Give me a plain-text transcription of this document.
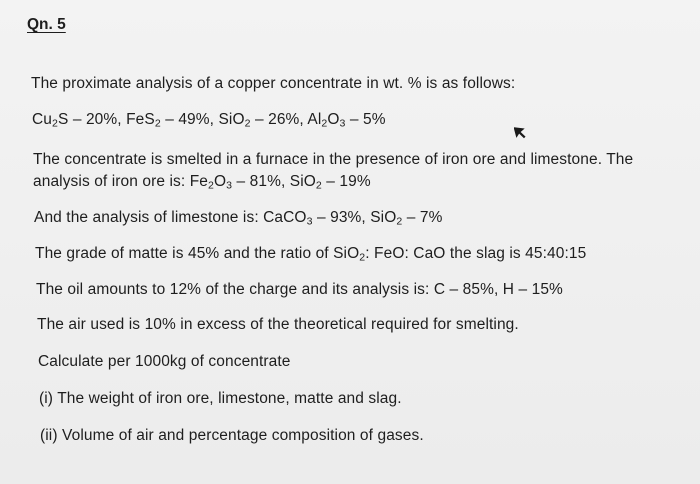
Qn. 5
The proximate analysis of a copper concentrate in wt. % is as follows:
$Cu_2S - 20\%$, FeS$_2$ – 49%, SiO$_2$ – 26%, $Al_2O_3 - 5\%$
The concentrate is smelted in a furnace in the presence of iron ore and limestone. The
analysis of iron ore is: $Fe_2O_3 - 81\%$, SiO$_2$ – 19%
And the analysis of limestone is: CaCO$_3$ – 93%, SiO$_2$ – 7%
The grade of matte is 45% and the ratio of SiO$_2$: FeO: CaO the slag is 45:40:15
The oil amounts to 12% of the charge and its analysis is: C – 85%, H – 15%
The air used is 10% in excess of the theoretical required for smelting.
Calculate per 1000kg of concentrate
(i) The weight of iron ore, limestone, matte and slag.
(ii) Volume of air and percentage composition of gases.
